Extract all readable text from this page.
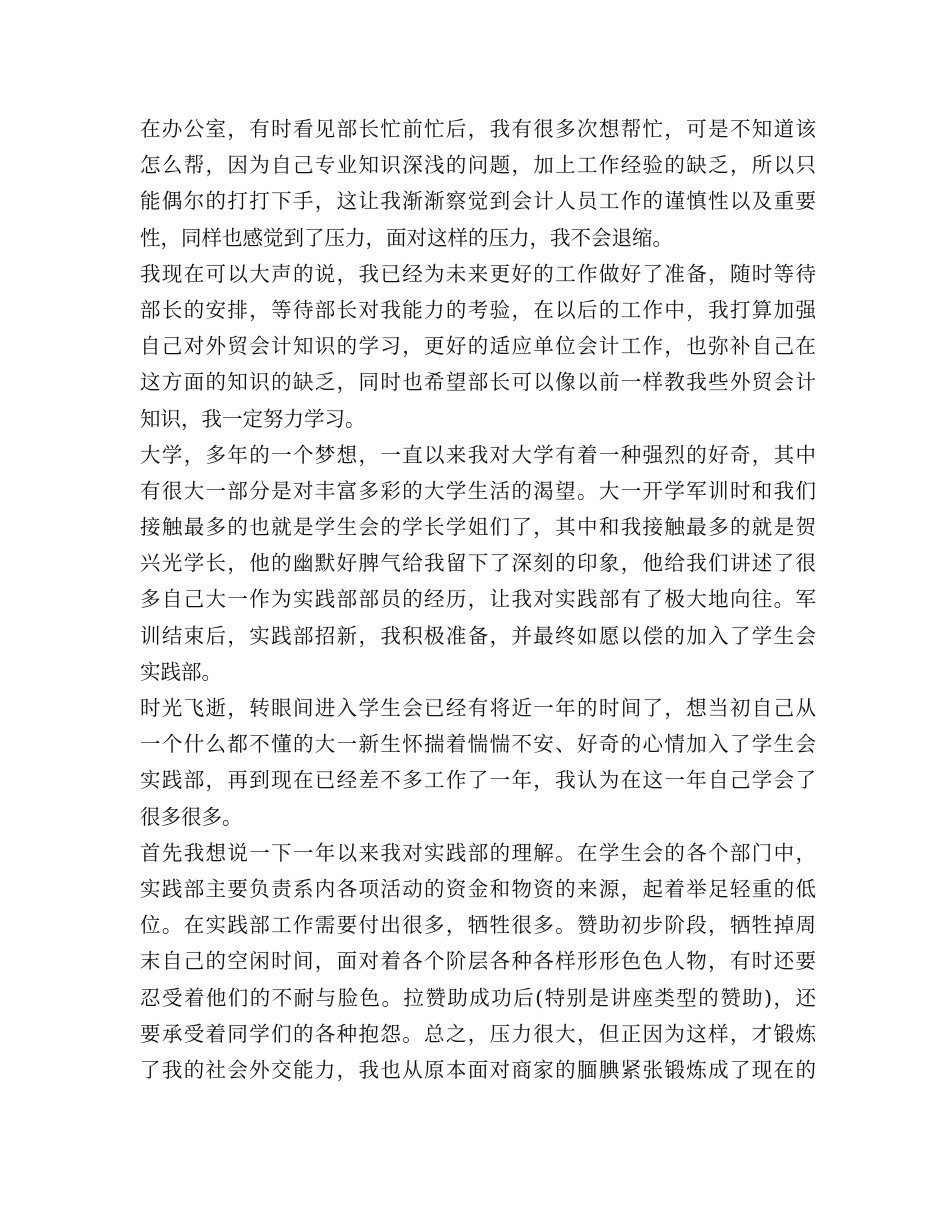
在办公室，有时看见部长忙前忙后，我有很多次想帮忙，可是不知道该
怎么帮，因为自己专业知识深浅的问题，加上工作经验的缺乏，所以只
能偶尔的打打下手，这让我渐渐察觉到会计人员工作的谨慎性以及重要
性，同样也感觉到了压力，面对这样的压力，我不会退缩。
我现在可以大声的说，我已经为未来更好的工作做好了准备，随时等待
部长的安排，等待部长对我能力的考验，在以后的工作中，我打算加强
自己对外贸会计知识的学习，更好的适应单位会计工作，也弥补自己在
这方面的知识的缺乏，同时也希望部长可以像以前一样教我些外贸会计
知识，我一定努力学习。
大学，多年的一个梦想，一直以来我对大学有着一种强烈的好奇，其中
有很大一部分是对丰富多彩的大学生活的渴望。大一开学军训时和我们
接触最多的也就是学生会的学长学姐们了，其中和我接触最多的就是贺
兴光学长，他的幽默好脾气给我留下了深刻的印象，他给我们讲述了很
多自己大一作为实践部部员的经历，让我对实践部有了极大地向往。军
训结束后，实践部招新，我积极准备，并最终如愿以偿的加入了学生会
实践部。
时光飞逝，转眼间进入学生会已经有将近一年的时间了，想当初自己从
一个什么都不懂的大一新生怀揣着惴惴不安、好奇的心情加入了学生会
实践部，再到现在已经差不多工作了一年，我认为在这一年自己学会了
很多很多。
首先我想说一下一年以来我对实践部的理解。在学生会的各个部门中，
实践部主要负责系内各项活动的资金和物资的来源，起着举足轻重的低
位。在实践部工作需要付出很多，牺牲很多。赞助初步阶段，牺牲掉周
末自己的空闲时间，面对着各个阶层各种各样形形色色人物，有时还要
忍受着他们的不耐与脸色。拉赞助成功后(特别是讲座类型的赞助)，还
要承受着同学们的各种抱怨。总之，压力很大，但正因为这样，才锻炼
了我的社会外交能力，我也从原本面对商家的腼腆紧张锻炼成了现在的
